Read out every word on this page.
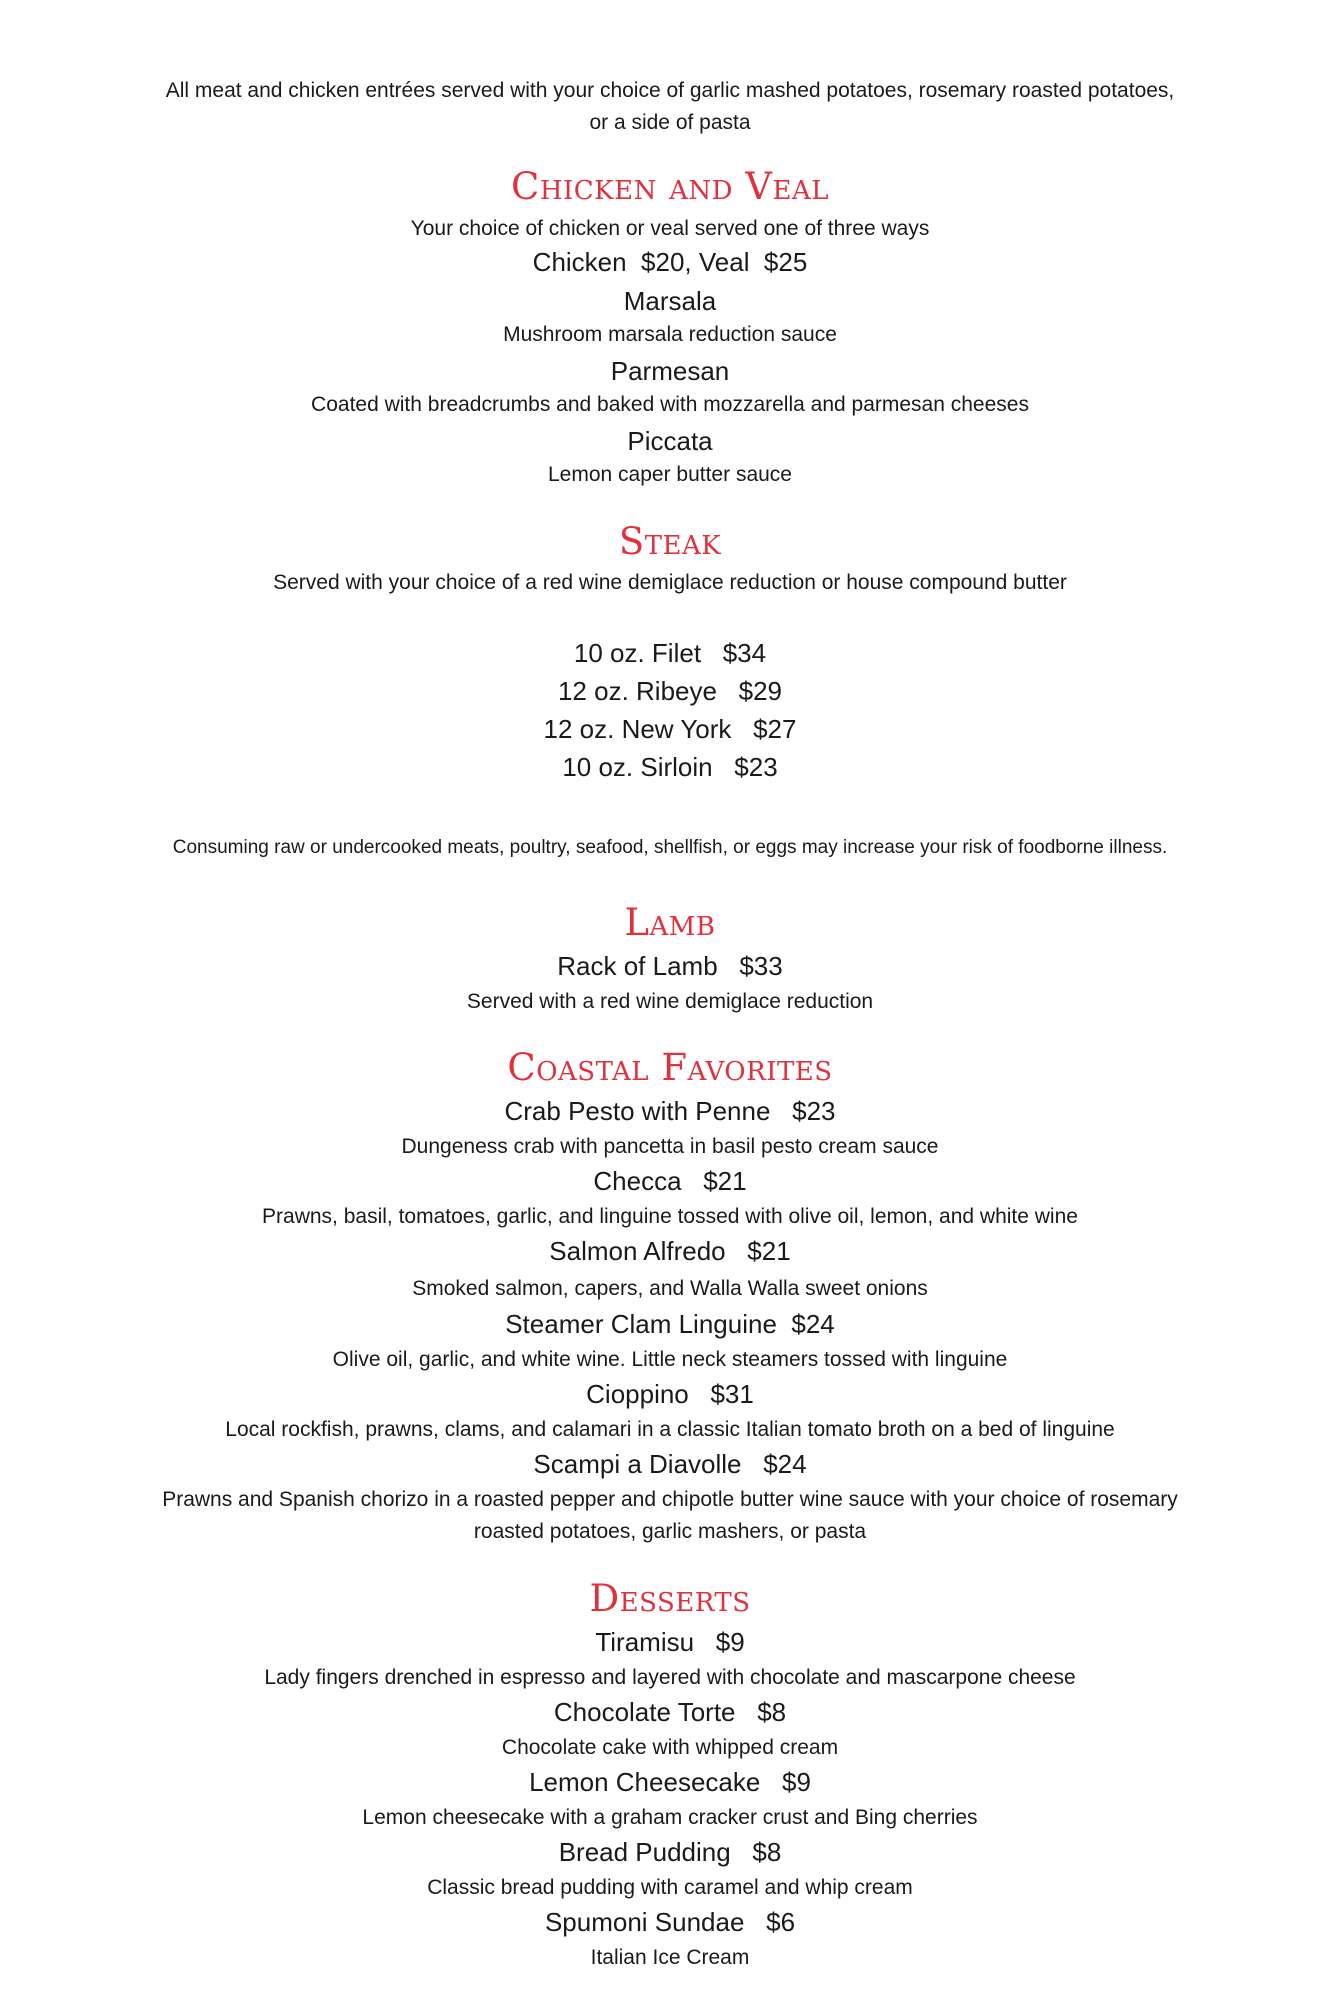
All meat and chicken entrées served with your choice of garlic mashed potatoes, rosemary roasted potatoes,
or a side of pasta
Chicken and Veal
Your choice of chicken or veal served one of three ways
Chicken  $20, Veal  $25
Marsala
Mushroom marsala reduction sauce
Parmesan
Coated with breadcrumbs and baked with mozzarella and parmesan cheeses
Piccata
Lemon caper butter sauce
Steak
Served with your choice of a red wine demiglace reduction or house compound butter
10 oz. Filet $34
12 oz. Ribeye $29
12 oz. New York $27
10 oz. Sirloin $23
Consuming raw or undercooked meats, poultry, seafood, shellfish, or eggs may increase your risk of foodborne illness.
Lamb
Rack of Lamb $33
Served with a red wine demiglace reduction
Coastal Favorites
Crab Pesto with Penne $23
Dungeness crab with pancetta in basil pesto cream sauce
Checca $21
Prawns, basil, tomatoes, garlic, and linguine tossed with olive oil, lemon, and white wine
Salmon Alfredo $21
Smoked salmon, capers, and Walla Walla sweet onions
Steamer Clam Linguine $24
Olive oil, garlic, and white wine. Little neck steamers tossed with linguine
Cioppino $31
Local rockfish, prawns, clams, and calamari in a classic Italian tomato broth on a bed of linguine
Scampi a Diavolle $24
Prawns and Spanish chorizo in a roasted pepper and chipotle butter wine sauce with your choice of rosemary
roasted potatoes, garlic mashers, or pasta
Desserts
Tiramisu $9
Lady fingers drenched in espresso and layered with chocolate and mascarpone cheese
Chocolate Torte $8
Chocolate cake with whipped cream
Lemon Cheesecake $9
Lemon cheesecake with a graham cracker crust and Bing cherries
Bread Pudding $8
Classic bread pudding with caramel and whip cream
Spumoni Sundae $6
Italian Ice Cream
